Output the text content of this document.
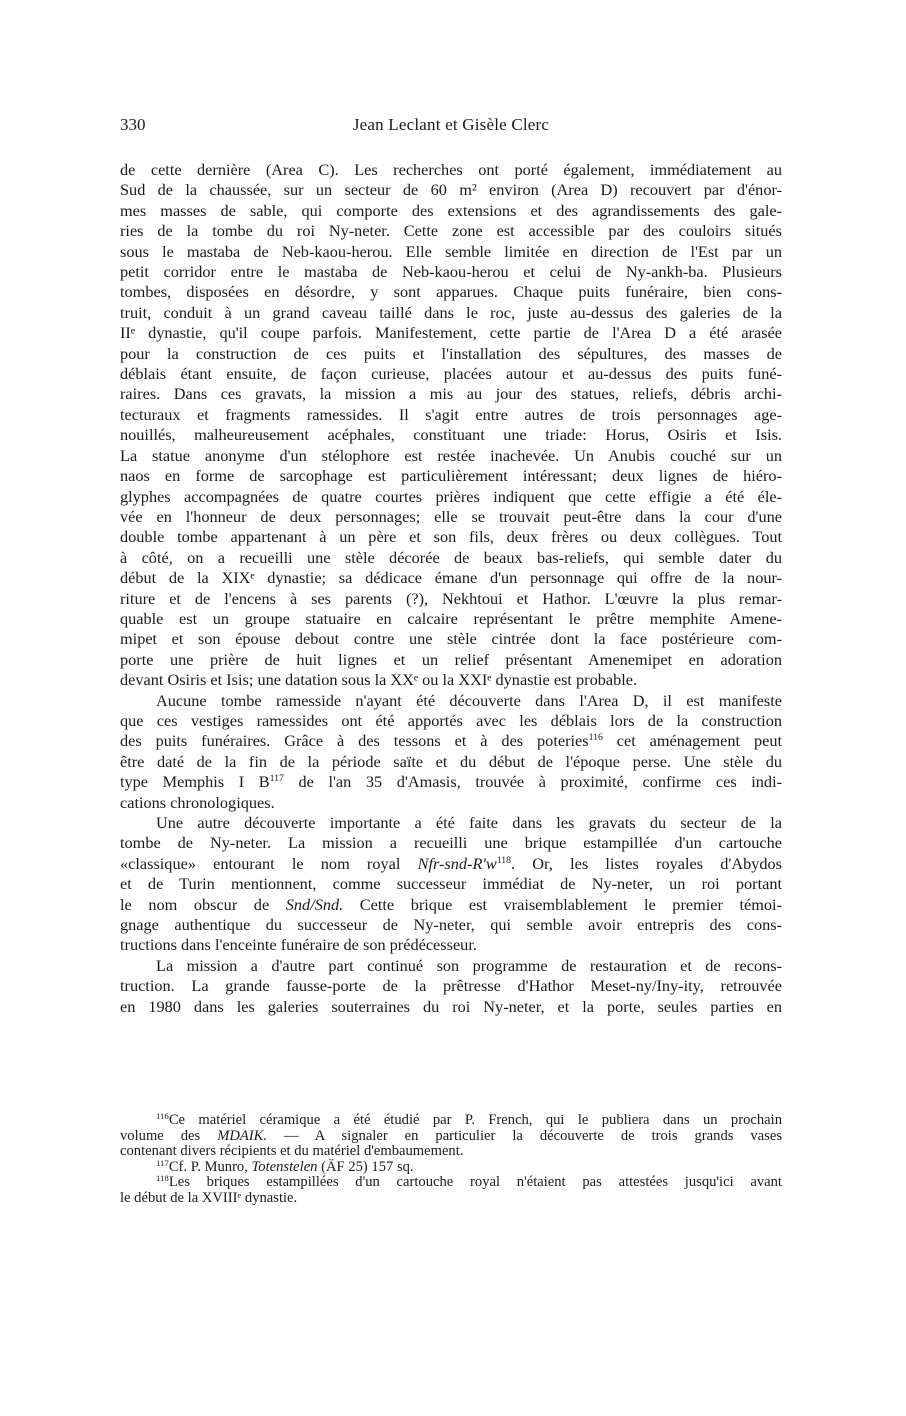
330	Jean Leclant et Gisèle Clerc
de cette dernière (Area C). Les recherches ont porté également, immédiatement au
Sud de la chaussée, sur un secteur de 60 m² environ (Area D) recouvert par d'énor-
mes masses de sable, qui comporte des extensions et des agrandissements des gale-
ries de la tombe du roi Ny-neter. Cette zone est accessible par des couloirs situés
sous le mastaba de Neb-kaou-herou. Elle semble limitée en direction de l'Est par un
petit corridor entre le mastaba de Neb-kaou-herou et celui de Ny-ankh-ba. Plusieurs
tombes, disposées en désordre, y sont apparues. Chaque puits funéraire, bien cons-
truit, conduit à un grand caveau taillé dans le roc, juste au-dessus des galeries de la
IIᵉ dynastie, qu'il coupe parfois. Manifestement, cette partie de l'Area D a été arasée
pour la construction de ces puits et l'installation des sépultures, des masses de
déblais étant ensuite, de façon curieuse, placées autour et au-dessus des puits funé-
raires. Dans ces gravats, la mission a mis au jour des statues, reliefs, débris archi-
tecturaux et fragments ramessides. Il s'agit entre autres de trois personnages age-
nouillés, malheureusement acéphales, constituant une triade: Horus, Osiris et Isis.
La statue anonyme d'un stélophore est restée inachevée. Un Anubis couché sur un
naos en forme de sarcophage est particulièrement intéressant; deux lignes de hiéro-
glyphes accompagnées de quatre courtes prières indiquent que cette effigie a été éle-
vée en l'honneur de deux personnages; elle se trouvait peut-être dans la cour d'une
double tombe appartenant à un père et son fils, deux frères ou deux collègues. Tout
à côté, on a recueilli une stèle décorée de beaux bas-reliefs, qui semble dater du
début de la XIXᵉ dynastie; sa dédicace émane d'un personnage qui offre de la nour-
riture et de l'encens à ses parents (?), Nekhtoui et Hathor. L'œuvre la plus remar-
quable est un groupe statuaire en calcaire représentant le prêtre memphite Amene-
mipet et son épouse debout contre une stèle cintrée dont la face postérieure com-
porte une prière de huit lignes et un relief présentant Amenemipet en adoration
devant Osiris et Isis; une datation sous la XXᵉ ou la XXIᵉ dynastie est probable.
Aucune tombe ramesside n'ayant été découverte dans l'Area D, il est manifeste
que ces vestiges ramessides ont été apportés avec les déblais lors de la construction
des puits funéraires. Grâce à des tessons et à des poteries$^{116}$ cet aménagement peut
être daté de la fin de la période saïte et du début de l'époque perse. Une stèle du
type Memphis I $B^{117}$ de l'an 35 d'Amasis, trouvée à proximité, confirme ces indi-
cations chronologiques.
Une autre découverte importante a été faite dans les gravats du secteur de la
tombe de Ny-neter. La mission a recueilli une brique estampillée d'un cartouche
«classique» entourant le nom royal Nfr-$snd-R'w^{118}$. Or, les listes royales d'Abydos
et de Turin mentionnent, comme successeur immédiat de Ny-neter, un roi portant
le nom obscur de Snd/Snd. Cette brique est vraisemblablement le premier témoi-
gnage authentique du successeur de Ny-neter, qui semble avoir entrepris des cons-
tructions dans l'enceinte funéraire de son prédécesseur.
La mission a d'autre part continué son programme de restauration et de recons-
truction. La grande fausse-porte de la prêtresse d'Hathor Meset-ny/Iny-ity, retrouvée
en 1980 dans les galeries souterraines du roi Ny-neter, et la porte, seules parties en
$^{116}$Ce matériel céramique a été étudié par P. French, qui le publiera dans un prochain
volume des MDAIK. — A signaler en particulier la découverte de trois grands vases
contenant divers récipients et du matériel d'embaumement.
$^{117}$Cf. P. Munro, Totenstelen (ÄF 25) 157 sq.
$^{118}$Les briques estampillées d'un cartouche royal n'étaient pas attestées jusqu'ici avant
le début de la XVIIIᵉ dynastie.
